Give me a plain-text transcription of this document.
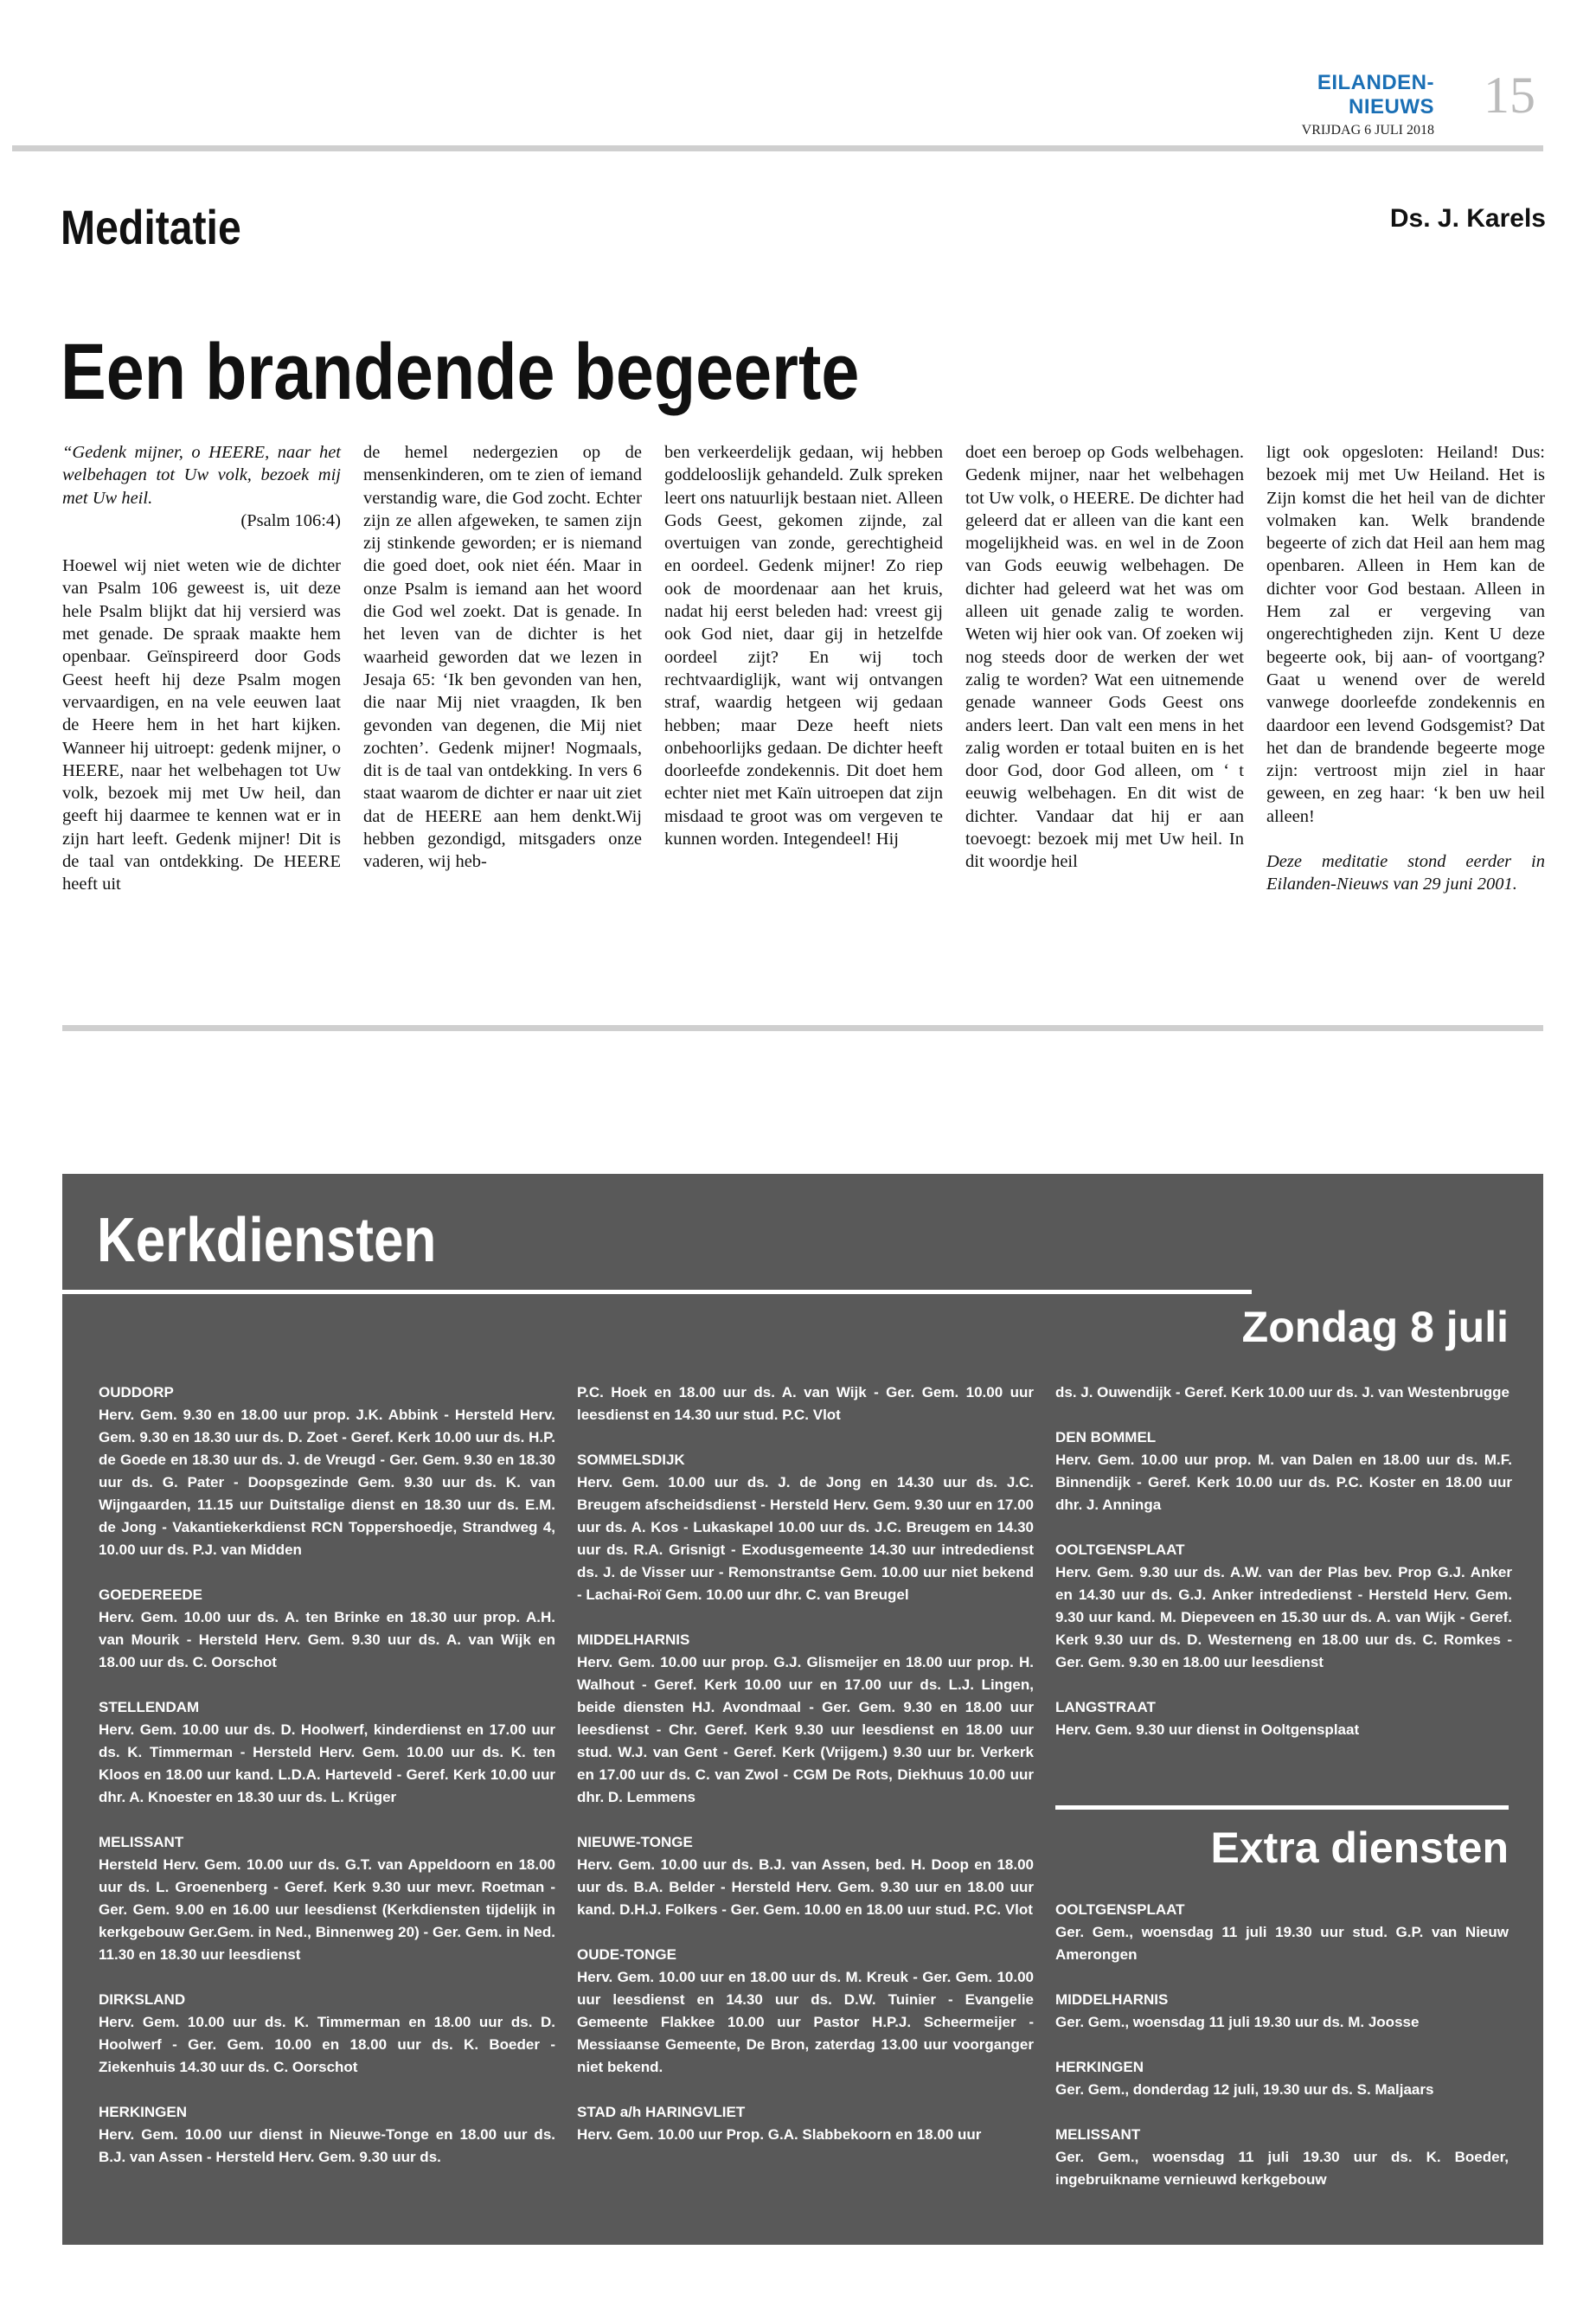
EILANDEN-NIEUWS
VRIJDAG 6 JULI 2018
15
Meditatie	Ds. J. Karels
Een brandende begeerte

“Gedenk mijner, o HEERE, naar het welbehagen tot Uw volk, bezoek mij met Uw heil.

(Psalm 106:4)

Hoewel wij niet weten wie de dichter van Psalm 106 geweest is, uit deze hele Psalm blijkt dat hij versierd was met genade. De spraak maakte hem openbaar. Geïnspireerd door Gods Geest heeft hij deze Psalm mogen vervaardigen, en na vele eeuwen laat de Heere hem in het hart kijken. Wanneer hij uitroept: gedenk mijner, o HEERE, naar het welbehagen tot Uw volk, bezoek mij met Uw heil, dan geeft hij daarmee te kennen wat er in zijn hart leeft. Gedenk mijner! Dit is de taal van ontdekking. De HEERE heeft uit

de hemel nedergezien op de mensenkinderen, om te zien of iemand verstandig ware, die God zocht. Echter zijn ze allen afgeweken, te samen zijn zij stinkende geworden; er is niemand die goed doet, ook niet één. Maar in onze Psalm is iemand aan het woord die God wel zoekt. Dat is genade. In het leven van de dichter is het waarheid geworden dat we lezen in Jesaja 65: ‘Ik ben gevonden van hen, die naar Mij niet vraagden, Ik ben gevonden van degenen, die Mij niet zochten’. Gedenk mijner! Nogmaals, dit is de taal van ontdekking. In vers 6 staat waarom de dichter er naar uit ziet dat de HEERE aan hem denkt.Wij hebben gezondigd, mitsgaders onze vaderen, wij heb-

ben verkeerdelijk gedaan, wij hebben goddelooslijk gehandeld. Zulk spreken leert ons natuurlijk bestaan niet. Alleen Gods Geest, gekomen zijnde, zal overtuigen van zonde, gerechtigheid en oordeel. Gedenk mijner! Zo riep ook de moordenaar aan het kruis, nadat hij eerst beleden had: vreest gij ook God niet, daar gij in hetzelfde oordeel zijt? En wij toch rechtvaardiglijk, want wij ontvangen straf, waardig hetgeen wij gedaan hebben; maar Deze heeft niets onbehoorlijks gedaan. De dichter heeft doorleefde zondekennis. Dit doet hem echter niet met Kaïn uitroepen dat zijn misdaad te groot was om vergeven te kunnen worden. Integendeel! Hij

doet een beroep op Gods welbehagen. Gedenk mijner, naar het welbehagen tot Uw volk, o HEERE. De dichter had geleerd dat er alleen van die kant een mogelijkheid was. en wel in de Zoon van Gods eeuwig welbehagen. De dichter had geleerd wat het was om alleen uit genade zalig te worden. Weten wij hier ook van. Of zoeken wij nog steeds door de werken der wet zalig te worden? Wat een uitnemende genade wanneer Gods Geest ons anders leert. Dan valt een mens in het zalig worden er totaal buiten en is het door God, door God alleen, om ‘ t eeuwig welbehagen. En dit wist de dichter. Vandaar dat hij er aan toevoegt: bezoek mij met Uw heil. In dit woordje heil

ligt ook opgesloten: Heiland! Dus: bezoek mij met Uw Heiland. Het is Zijn komst die het heil van de dichter volmaken kan. Welk brandende begeerte of zich dat Heil aan hem mag openbaren. Alleen in Hem kan de dichter voor God bestaan. Alleen in Hem zal er vergeving van ongerechtigheden zijn. Kent U deze begeerte ook, bij aan- of voortgang? Gaat u wenend over de wereld vanwege doorleefde zondekennis en daardoor een levend Godsgemist? Dat het dan de brandende begeerte moge zijn: vertroost mijn ziel in haar geween, en zeg haar: ‘k ben uw heil alleen!

Deze meditatie stond eerder in Eilanden-Nieuws van 29 juni 2001.

Kerkdiensten
Zondag 8 juli

OUDDORP

Herv. Gem. 9.30 en 18.00 uur prop. J.K. Abbink - Hersteld Herv. Gem. 9.30 en 18.30 uur ds. D. Zoet - Geref. Kerk 10.00 uur ds. H.P. de Goede en 18.30 uur ds. J. de Vreugd - Ger. Gem. 9.30 en 18.30 uur ds. G. Pater - Doopsgezinde Gem. 9.30 uur ds. K. van Wijngaarden, 11.15 uur Duitstalige dienst en 18.30 uur ds. E.M. de Jong - Vakantiekerkdienst RCN Toppershoedje, Strandweg 4, 10.00 uur ds. P.J. van Midden

GOEDEREEDE

Herv. Gem. 10.00 uur ds. A. ten Brinke en 18.30 uur prop. A.H. van Mourik - Hersteld Herv. Gem. 9.30 uur ds. A. van Wijk en 18.00 uur ds. C. Oorschot

STELLENDAM

Herv. Gem. 10.00 uur ds. D. Hoolwerf, kinderdienst en 17.00 uur ds. K. Timmerman - Hersteld Herv. Gem. 10.00 uur ds. K. ten Kloos en 18.00 uur kand. L.D.A. Harteveld - Geref. Kerk 10.00 uur dhr. A. Knoester en 18.30 uur ds. L. Krüger

MELISSANT

Hersteld Herv. Gem. 10.00 uur ds. G.T. van Appeldoorn en 18.00 uur ds. L. Groenenberg - Geref. Kerk 9.30 uur mevr. Roetman - Ger. Gem. 9.00 en 16.00 uur leesdienst (Kerkdiensten tijdelijk in kerkgebouw Ger.Gem. in Ned., Binnenweg 20) - Ger. Gem. in Ned. 11.30 en 18.30 uur leesdienst

DIRKSLAND

Herv. Gem. 10.00 uur ds. K. Timmerman en 18.00 uur ds. D. Hoolwerf - Ger. Gem. 10.00 en 18.00 uur ds. K. Boeder - Ziekenhuis 14.30 uur ds. C. Oorschot

HERKINGEN

Herv. Gem. 10.00 uur dienst in Nieuwe-Tonge en 18.00 uur ds. B.J. van Assen - Hersteld Herv. Gem. 9.30 uur ds.

P.C. Hoek en 18.00 uur ds. A. van Wijk - Ger. Gem. 10.00 uur leesdienst en 14.30 uur stud. P.C. Vlot

SOMMELSDIJK

Herv. Gem. 10.00 uur ds. J. de Jong en 14.30 uur ds. J.C. Breugem afscheidsdienst - Hersteld Herv. Gem. 9.30 uur en 17.00 uur ds. A. Kos - Lukaskapel 10.00 uur ds. J.C. Breugem en 14.30 uur ds. R.A. Grisnigt - Exodusgemeente 14.30 uur intrededienst ds. J. de Visser uur - Remonstrantse Gem. 10.00 uur niet bekend - Lachai-Roï Gem. 10.00 uur dhr. C. van Breugel

MIDDELHARNIS

Herv. Gem. 10.00 uur prop. G.J. Glismeijer en 18.00 uur prop. H. Walhout - Geref. Kerk 10.00 uur en 17.00 uur ds. L.J. Lingen, beide diensten HJ. Avondmaal - Ger. Gem. 9.30 en 18.00 uur leesdienst - Chr. Geref. Kerk 9.30 uur leesdienst en 18.00 uur stud. W.J. van Gent - Geref. Kerk (Vrijgem.) 9.30 uur br. Verkerk en 17.00 uur ds. C. van Zwol - CGM De Rots, Diekhuus 10.00 uur dhr. D. Lemmens

NIEUWE-TONGE

Herv. Gem. 10.00 uur ds. B.J. van Assen, bed. H. Doop en 18.00 uur ds. B.A. Belder - Hersteld Herv. Gem. 9.30 uur en 18.00 uur kand. D.H.J. Folkers - Ger. Gem. 10.00 en 18.00 uur stud. P.C. Vlot

OUDE-TONGE

Herv. Gem. 10.00 uur en 18.00 uur ds. M. Kreuk - Ger. Gem. 10.00 uur leesdienst en 14.30 uur ds. D.W. Tuinier - Evangelie Gemeente Flakkee 10.00 uur Pastor H.P.J. Scheermeijer - Messiaanse Gemeente, De Bron, zaterdag 13.00 uur voorganger niet bekend.

STAD a/h HARINGVLIET

Herv. Gem. 10.00 uur Prop. G.A. Slabbekoorn en 18.00 uur

ds. J. Ouwendijk - Geref. Kerk 10.00 uur ds. J. van Westenbrugge

DEN BOMMEL

Herv. Gem. 10.00 uur prop. M. van Dalen en 18.00 uur ds. M.F. Binnendijk - Geref. Kerk 10.00 uur ds. P.C. Koster en 18.00 uur dhr. J. Anninga

OOLTGENSPLAAT

Herv. Gem. 9.30 uur ds. A.W. van der Plas bev. Prop G.J. Anker en 14.30 uur ds. G.J. Anker intrededienst - Hersteld Herv. Gem. 9.30 uur kand. M. Diepeveen en 15.30 uur ds. A. van Wijk - Geref. Kerk 9.30 uur ds. D. Westerneng en 18.00 uur ds. C. Romkes - Ger. Gem. 9.30 en 18.00 uur leesdienst

LANGSTRAAT

Herv. Gem. 9.30 uur dienst in Ooltgensplaat

Extra diensten

OOLTGENSPLAAT

Ger. Gem., woensdag 11 juli 19.30 uur stud. G.P. van Nieuw Amerongen

MIDDELHARNIS

Ger. Gem., woensdag 11 juli 19.30 uur ds. M. Joosse

HERKINGEN

Ger. Gem., donderdag 12 juli, 19.30 uur ds. S. Maljaars

MELISSANT

Ger. Gem., woensdag 11 juli 19.30 uur ds. K. Boeder, ingebruikname vernieuwd kerkgebouw
